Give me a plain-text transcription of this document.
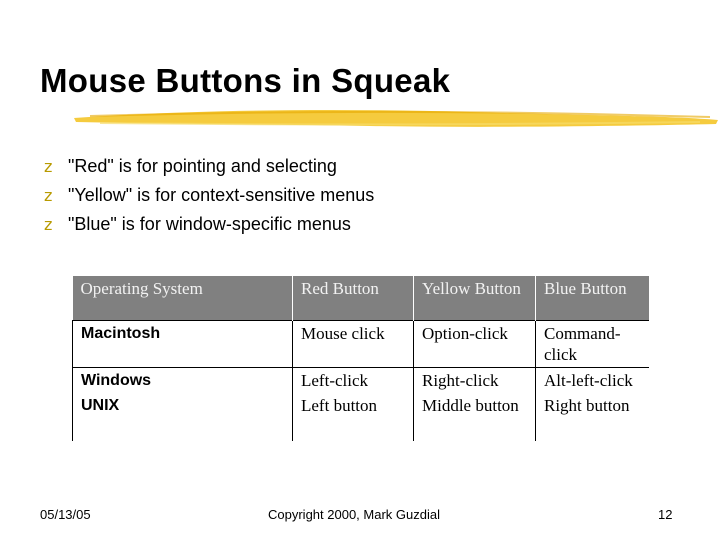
Mouse Buttons in Squeak
z "Red" is for pointing and selecting
z "Yellow" is for context-sensitive menus
z "Blue" is for window-specific menus
Operating System	Red Button	Yellow Button	Blue Button
Macintosh	Mouse click	Option-click	Command-click
Windows	Left-click	Right-click	Alt-left-click
UNIX	Left button	Middle button	Right button
05/13/05	Copyright 2000, Mark Guzdial	12
